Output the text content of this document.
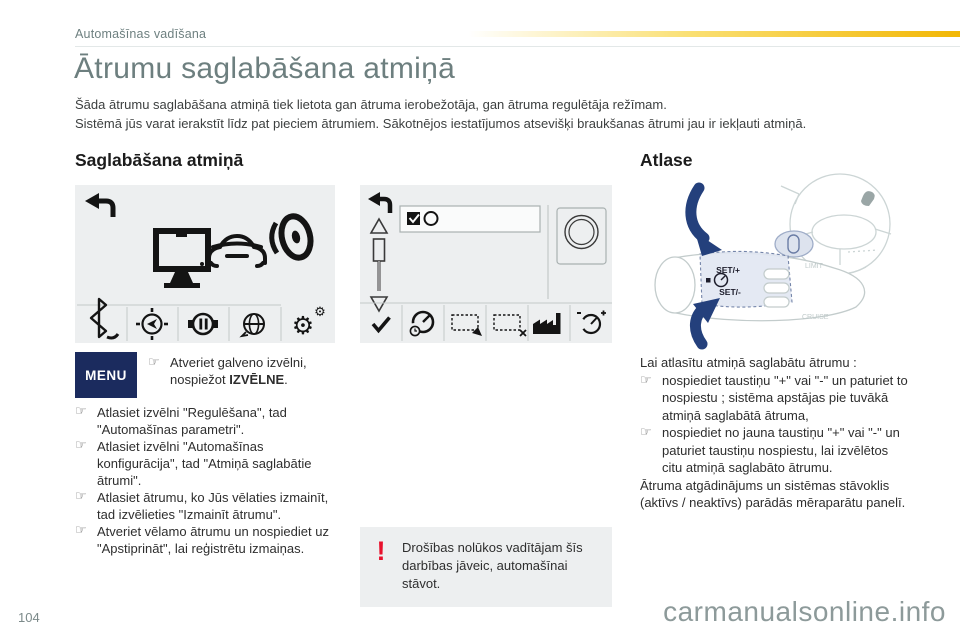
Automašīnas vadīšana
Ātrumu saglabāšana atmiņā
Šāda ātrumu saglabāšana atmiņā tiek lietota gan ātruma ierobežotāja, gan ātruma regulētāja režīmam.
Sistēmā jūs varat ierakstīt līdz pat pieciem ātrumiem. Sākotnējos iestatījumos atsevišķi braukšanas ātrumi jau ir iekļauti atmiņā.
Saglabāšana atmiņā
⚙ ⚙
MENU
☞ Atveriet galveno izvēlni, nospiežot IZVĒLNE.
☞ Atlasiet izvēlni "Regulēšana", tad "Automašīnas parametri".
☞ Atlasiet izvēlni "Automašīnas konfigurācija", tad "Atmiņā saglabātie ātrumi".
☞ Atlasiet ātrumu, ko Jūs vēlaties izmainīt, tad izvēlieties "Izmainīt ātrumu".
☞ Atveriet vēlamo ātrumu un nospiediet uz "Apstiprināt", lai reģistrētu izmaiņas.	!	Drošības nolūkos vadītājam šīs darbības jāveic, automašīnai stāvot.
Atlase
SET/+
SET/-
LIMIT
CRUISE
Lai atlasītu atmiņā saglabātu ātrumu :
☞ nospiediet taustiņu "+" vai "-" un paturiet to nospiestu ; sistēma apstājas pie tuvākā atmiņā saglabātā ātruma,
☞ nospiediet no jauna taustiņu "+" vai "-" un paturiet taustiņu nospiestu, lai izvēlētos citu atmiņā saglabāto ātrumu.
Ātruma atgādinājums un sistēmas stāvoklis (aktīvs / neaktīvs) parādās mēraparātu panelī.
104	carmanualsonline.info
